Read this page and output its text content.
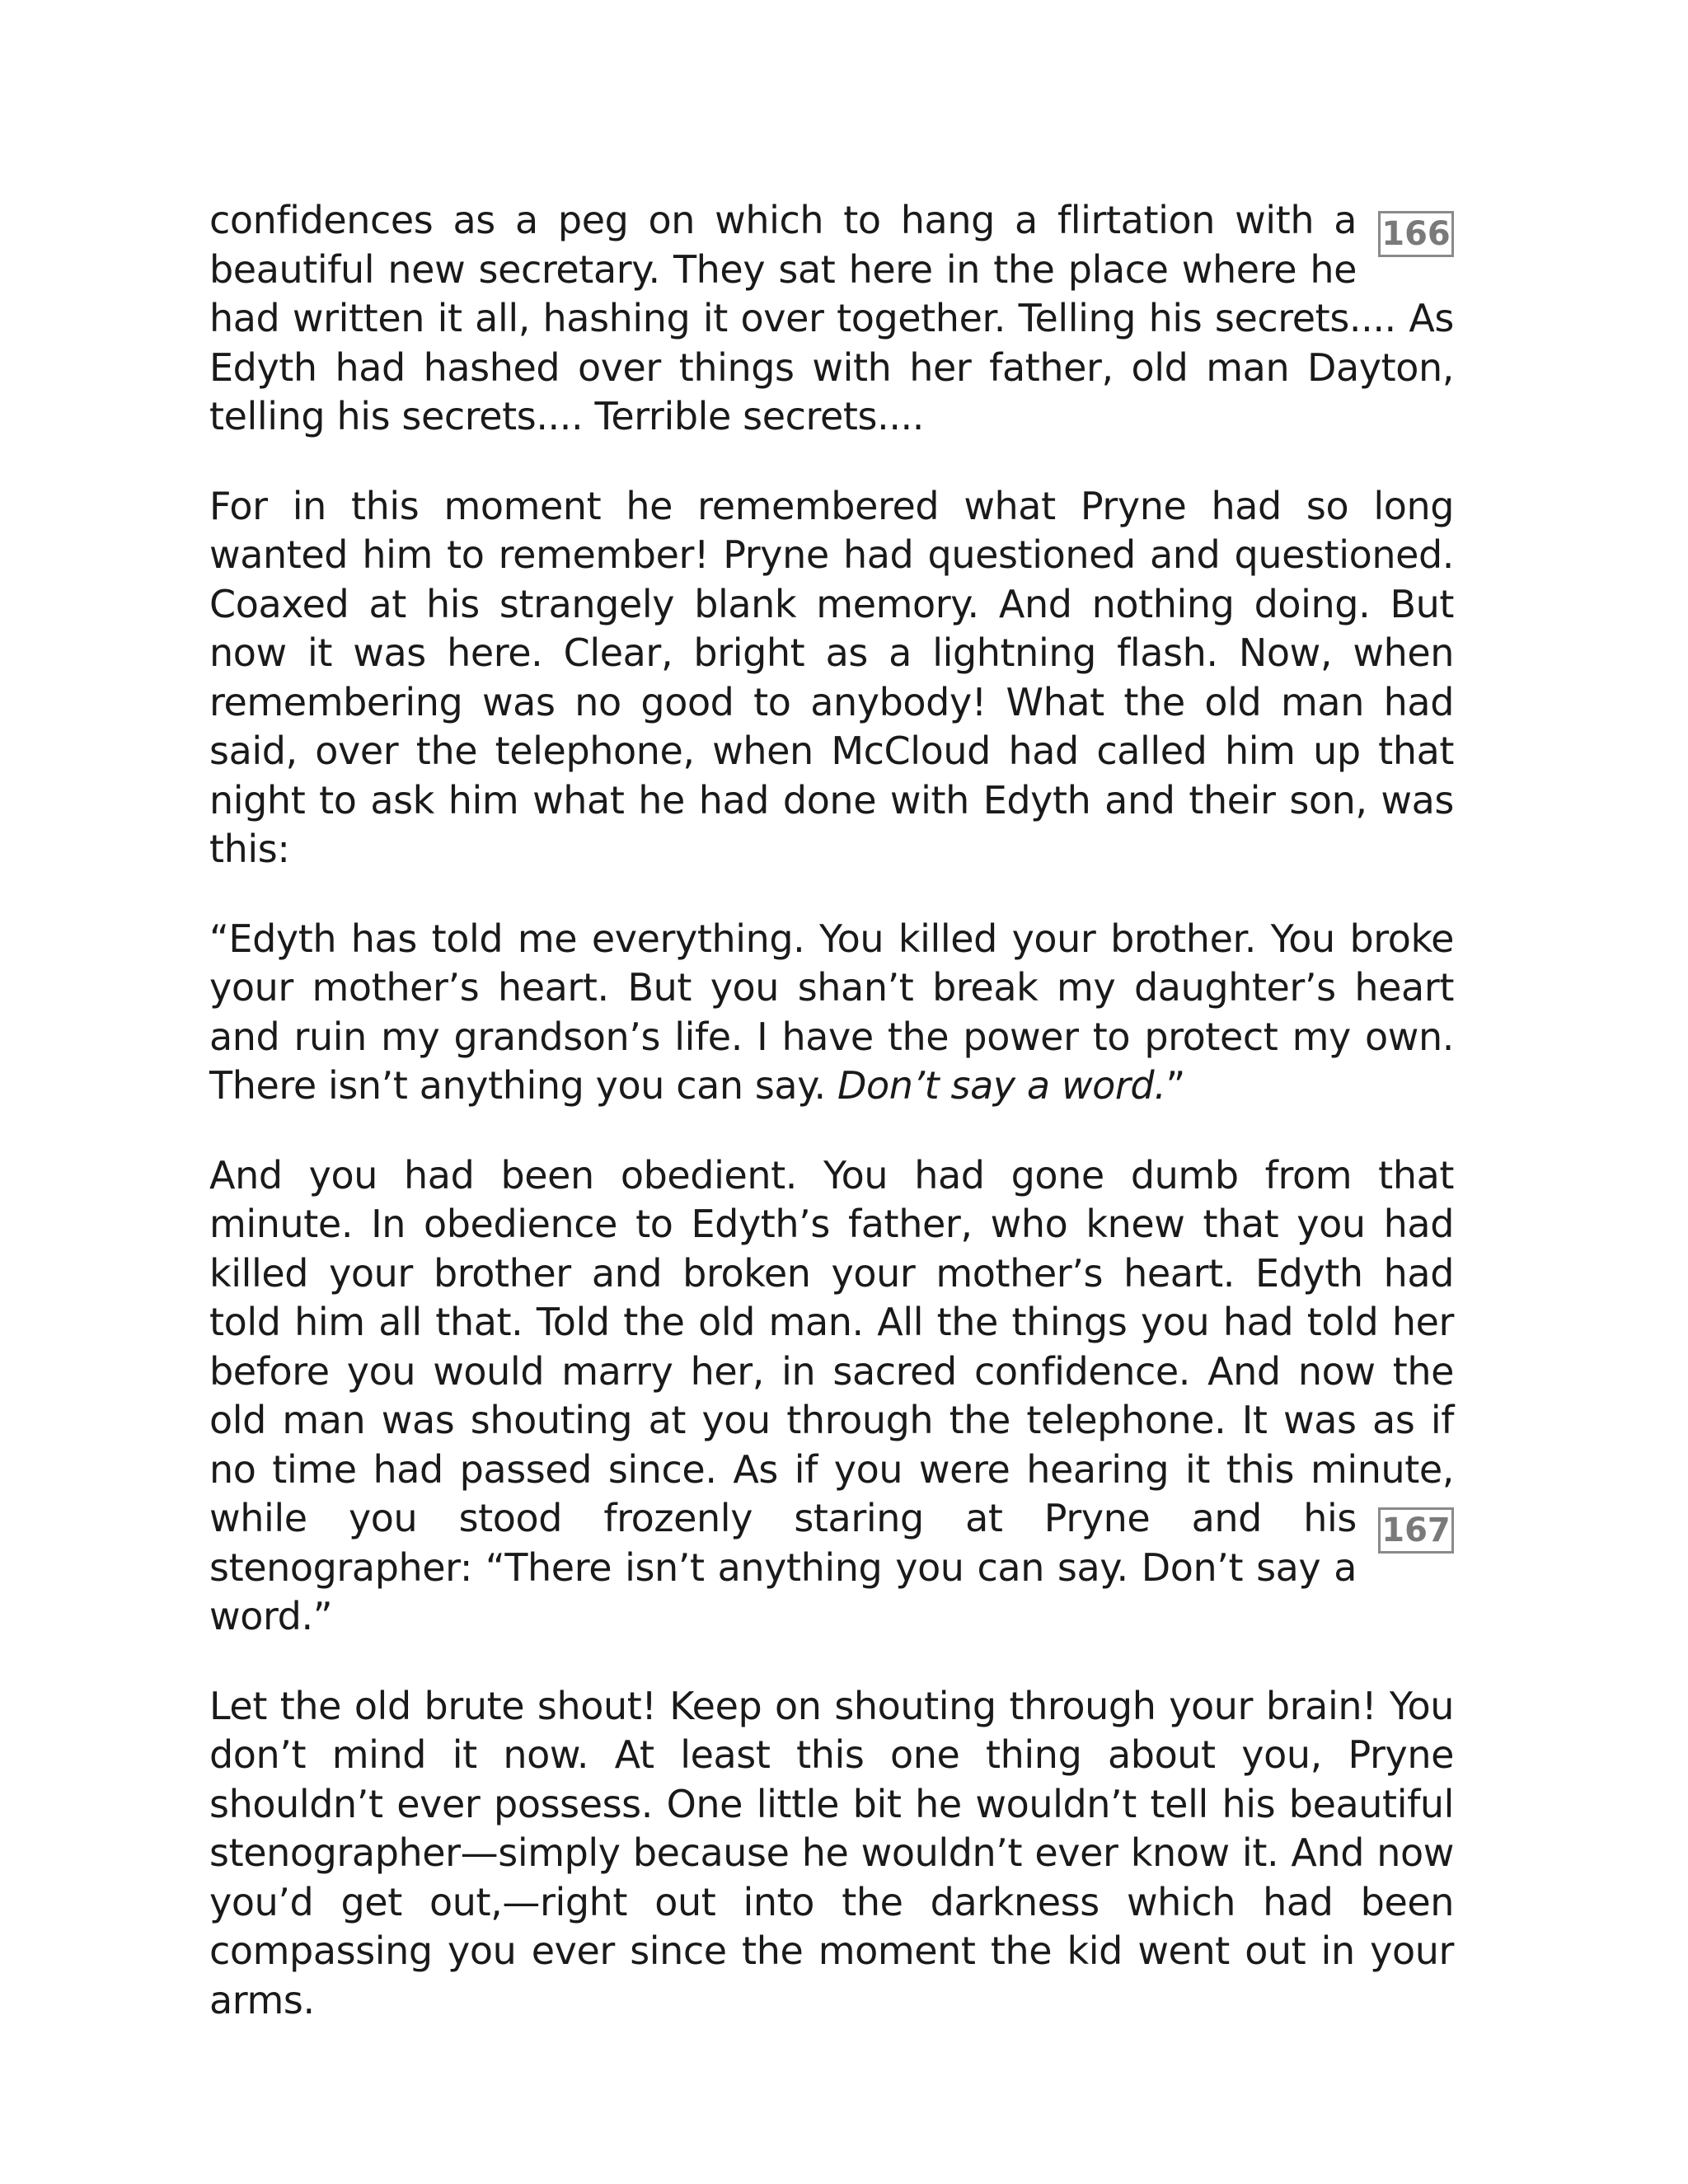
166
confidences as a peg on which to hang a flirtation with a beautiful new secretary. They sat here in the place where he had written it all, hashing it over together. Telling his secrets.... As Edyth had hashed over things with her father, old man Dayton, telling his secrets.... Terrible secrets....

For in this moment he remembered what Pryne had so long wanted him to remember! Pryne had questioned and questioned. Coaxed at his strangely blank memory. And nothing doing. But now it was here. Clear, bright as a lightning flash. Now, when remembering was no good to anybody! What the old man had said, over the telephone, when McCloud had called him up that night to ask him what he had done with Edyth and their son, was this:

“Edyth has told me everything. You killed your brother. You broke your mother’s heart. But you shan’t break my daughter’s heart and ruin my grandson’s life. I have the power to protect my own. There isn’t anything you can say. Don’t say a word.”

And you had been obedient. You had gone dumb from that minute. In obedience to Edyth’s father, who knew that you had killed your brother and broken your mother’s heart. Edyth had told him all that. Told the old man. All the things you had told her before you would marry her, in sacred confidence. And now the old man was shouting at you through the telephone. It was as if no time had passed since. As if you were hearing it this minute, while you stood frozenly	167
staring at Pryne and his stenographer: “There isn’t anything you can say. Don’t say a word.”

Let the old brute shout! Keep on shouting through your brain! You don’t mind it now. At least this one thing about you, Pryne shouldn’t ever possess. One little bit he wouldn’t tell his beautiful stenographer—simply because he wouldn’t ever know it. And now you’d get out,—right out into the darkness which had been compassing you ever since the moment the kid went out in your arms.
